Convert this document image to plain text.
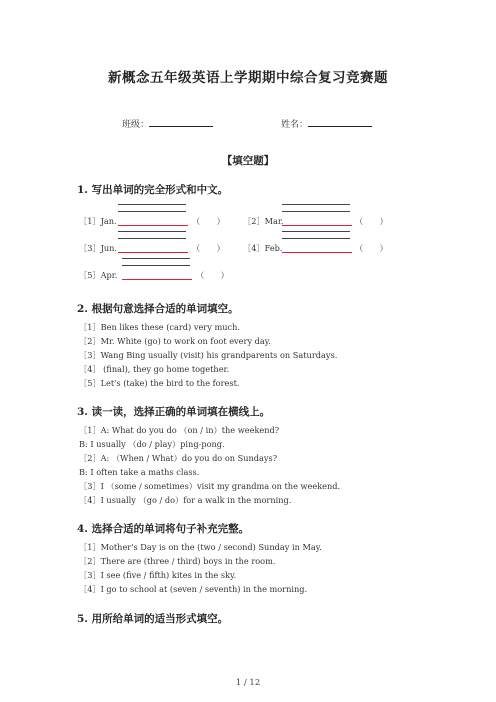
新概念五年级英语上学期期中综合复习竞赛题
班级：	姓名：
【填空题】
1. 写出单词的完全形式和中文。
［1］Jan.	（　　） ［2］Mar.	（　　）
［3］Jun.	（　　） ［4］Feb.	（　　）
［5］Apr.	（　　）
2. 根据句意选择合适的单词填空。
［1］Ben likes these (card) very much.
［2］Mr. White (go) to work on foot every day.
［3］Wang Bing usually (visit) his grandparents on Saturdays.
［4］ (final), they go home together.
［5］Let's (take) the bird to the forest.
3. 读一读，选择正确的单词填在横线上。
［1］A: What do you do （on / in）the weekend?
B: I usually （do / play）ping-pong.
［2］A: （When / What）do you do on Sundays?
B: I often take a maths class.
［3］I （some / sometimes）visit my grandma on the weekend.
［4］I usually （go / do）for a walk in the morning.
4. 选择合适的单词将句子补充完整。
［1］Mother's Day is on the (two / second) Sunday in May.
［2］There are (three / third) boys in the room.
［3］I see (five / fifth) kites in the sky.
［4］I go to school at (seven / seventh) in the morning.
5. 用所给单词的适当形式填空。
1 / 12
